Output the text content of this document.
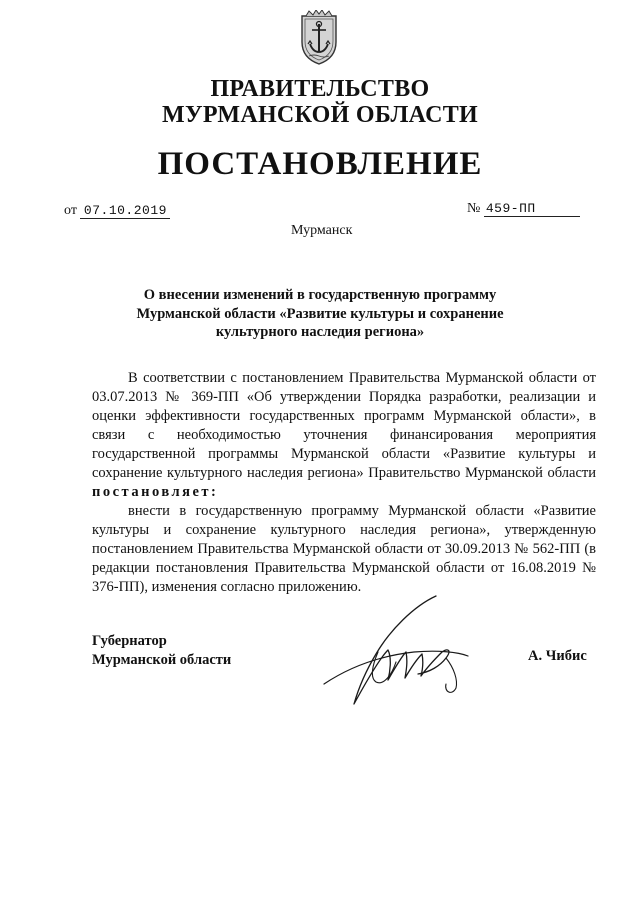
ПРАВИТЕЛЬСТВО
МУРМАНСКОЙ ОБЛАСТИ
ПОСТАНОВЛЕНИЕ
от 07.10.2019	№ 459-ПП
Мурманск
О внесении изменений в государственную программу
Мурманской области «Развитие культуры и сохранение
культурного наследия региона»

В соответствии с постановлением Правительства Мурманской области от 03.07.2013 № 369-ПП «Об утверждении Порядка разработки, реализации и оценки эффективности государственных программ Мурманской области», в связи с необходимостью уточнения финансирования мероприятия государственной программы Мурманской области «Развитие культуры и сохранение культурного наследия региона» Правительство Мурманской области постановляет:

внести в государственную программу Мурманской области «Развитие культуры и сохранение культурного наследия региона», утвержденную постановлением Правительства Мурманской области от 30.09.2013 № 562-ПП (в редакции постановления Правительства Мурманской области от 16.08.2019 № 376-ПП), изменения согласно приложению.

Губернатор
Мурманской области	А. Чибис
